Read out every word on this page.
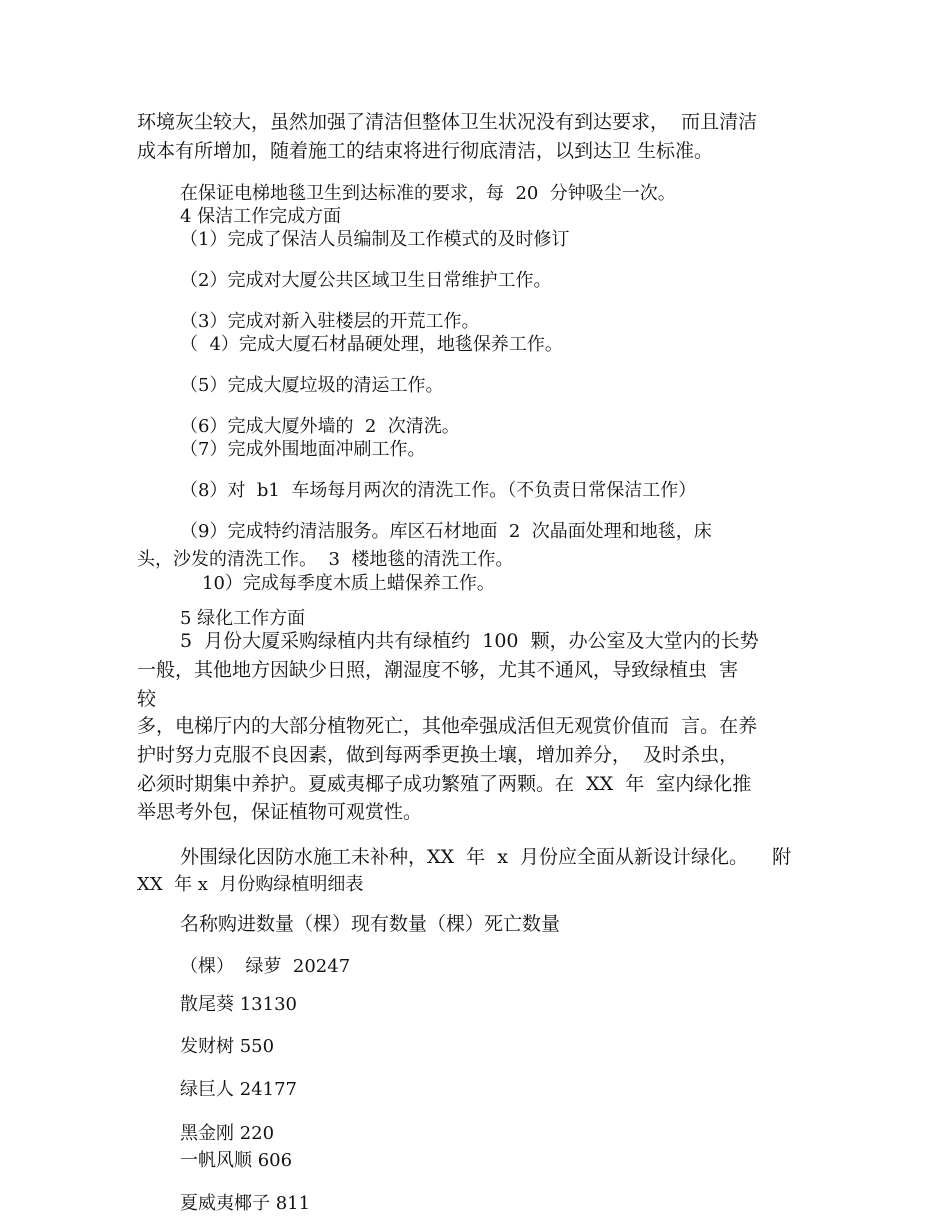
环境灰尘较大，虽然加强了清洁但整体卫生状况没有到达要求，  而且清洁

成本有所增加，随着施工的结束将进行彻底清洁，以到达卫 生标准。

在保证电梯地毯卫生到达标准的要求，每  20  分钟吸尘一次。

4 保洁工作完成方面

（1）完成了保洁人员编制及工作模式的及时修订

（2）完成对大厦公共区域卫生日常维护工作。

（3）完成对新入驻楼层的开荒工作。

（  4）完成大厦石材晶硬处理，地毯保养工作。

（5）完成大厦垃圾的清运工作。

（6）完成大厦外墙的  2  次清洗。

（7）完成外围地面冲刷工作。

（8）对  b1  车场每月两次的清洗工作。（不负责日常保洁工作）

（9）完成特约清洁服务。库区石材地面  2  次晶面处理和地毯，床

头，沙发的清洗工作。  3  楼地毯的清洗工作。

10）完成每季度木质上蜡保养工作。

5 绿化工作方面

5  月份大厦采购绿植内共有绿植约  100  颗，办公室及大堂内的长势

一般，其他地方因缺少日照，潮湿度不够，尤其不通风，导致绿植虫  害

较

多，电梯厅内的大部分植物死亡，其他牵强成活但无观赏价值而  言。在养

护时努力克服不良因素，做到每两季更换土壤，增加养分，  及时杀虫，

必须时期集中养护。夏威夷椰子成功繁殖了两颗。在  XX  年  室内绿化推

举思考外包，保证植物可观赏性。

外围绿化因防水施工未补种，XX  年  x  月份应全面从新设计绿化。    附

XX  年 x  月份购绿植明细表

名称购进数量（棵）现有数量（棵）死亡数量

（棵）  绿萝  20247

散尾葵 13130

发财树 550

绿巨人 24177

黑金刚 220

一帆风顺 606

夏威夷椰子 811
